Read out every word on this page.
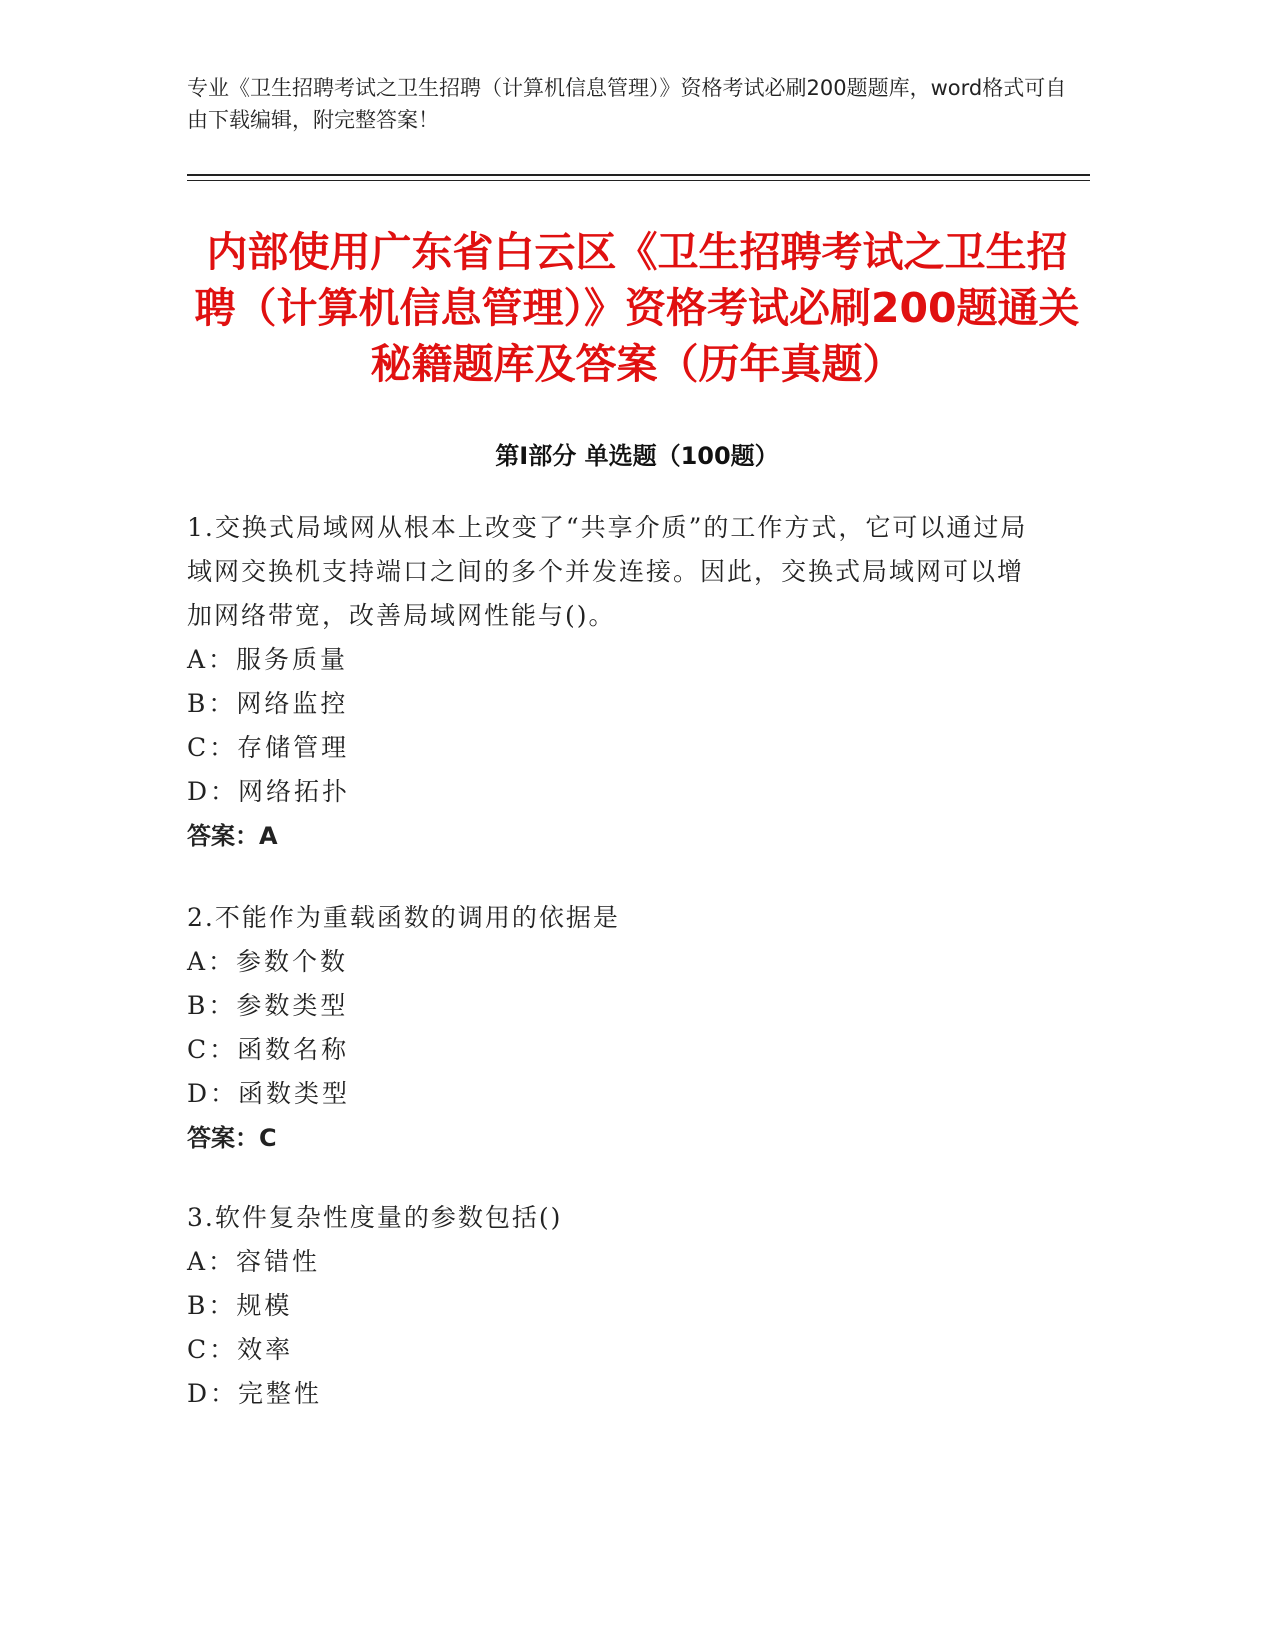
专业《卫生招聘考试之卫生招聘（计算机信息管理）》资格考试必刷200题题库，word格式可自由下载编辑，附完整答案！
内部使用广东省白云区《卫生招聘考试之卫生招聘（计算机信息管理）》资格考试必刷200题通关秘籍题库及答案（历年真题）
第I部分 单选题（100题）

1.交换式局域网从根本上改变了“共享介质”的工作方式，它可以通过局域网交换机支持端口之间的多个并发连接。因此，交换式局域网可以增加网络带宽，改善局域网性能与()。

A：服务质量

B：网络监控

C：存储管理

D：网络拓扑

答案：A

2.不能作为重载函数的调用的依据是

A：参数个数

B：参数类型

C：函数名称

D：函数类型

答案：C

3.软件复杂性度量的参数包括()

A：容错性

B：规模

C：效率

D：完整性
